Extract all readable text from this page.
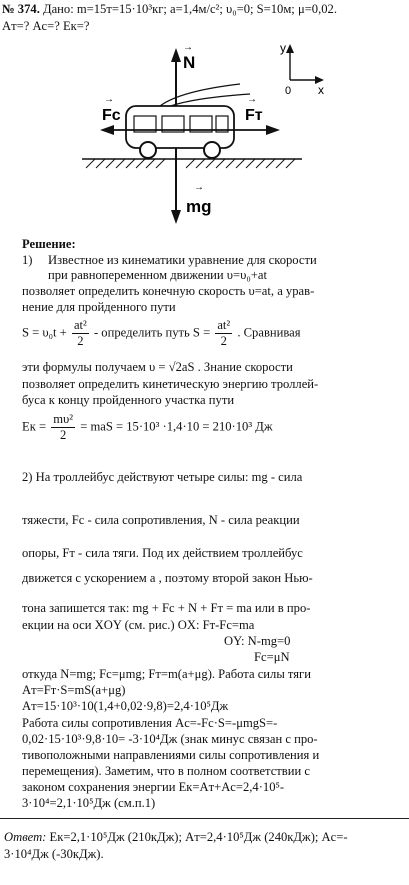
№ 374. Дано: m=15т=15·10³кг; a=1,4м/с²; υ₀=0; S=10м; μ=0,02.
Aт=? Aс=? Eк=?
N
→
Fc
→
Fт
→
mg
→
y
0 x
Решение:
1) Известное из кинематики уравнение для скорости
при равнопеременном движении υ=υ₀+at
позволяет определить конечную скорость υ=at, а урав-
нение для пройденного пути
$S = \upsilon_0t + \frac{\text{at²}}{2}$ - определить путь $S = \frac{\text{at²}}{2}$ . Сравнивая
эти формулы получаем υ = √2aS . Знание скорости
позволяет определить кинетическую энергию троллей-
буса к концу пройденного участка пути
Eк = $\frac{\text{mυ²}}{2}$ = maS = 15·10³ ·1,4·10 = 210·10³ Дж
2) На троллейбус действуют четыре силы: mg - сила
тяжести, Fc - сила сопротивления, N - сила реакции
опоры, Fт - сила тяги. Под их действием троллейбус
движется с ускорением a , поэтому второй закон Нью-
тона запишется так: mg + Fc + N + Fт = ma или в про-
екции на оси XOY (см. рис.) OX: Fт-Fc=ma
OY: N-mg=0
Fc=μN
откуда N=mg; Fc=μmg; Fт=m(a+μg). Работа силы тяги
Aт=Fт·S=mS(a+μg)
Aт=15·10³·10(1,4+0,02·9,8)=2,4·10⁵Дж
Работа силы сопротивления Ac=-Fc·S=-μmgS=-
0,02·15·10³·9,8·10= -3·10⁴Дж (знак минус связан с про-
тивоположными направлениями силы сопротивления и
перемещения). Заметим, что в полном соответствии с
законом сохранения энергии Eк=Aт+Ac=2,4·10⁵-
3·10⁴=2,1·10⁵Дж (см.п.1)
Ответ: Eк=2,1·10⁵Дж (210кДж); Aт=2,4·10⁵Дж (240кДж); Ac=-
3·10⁴Дж (-30кДж).
